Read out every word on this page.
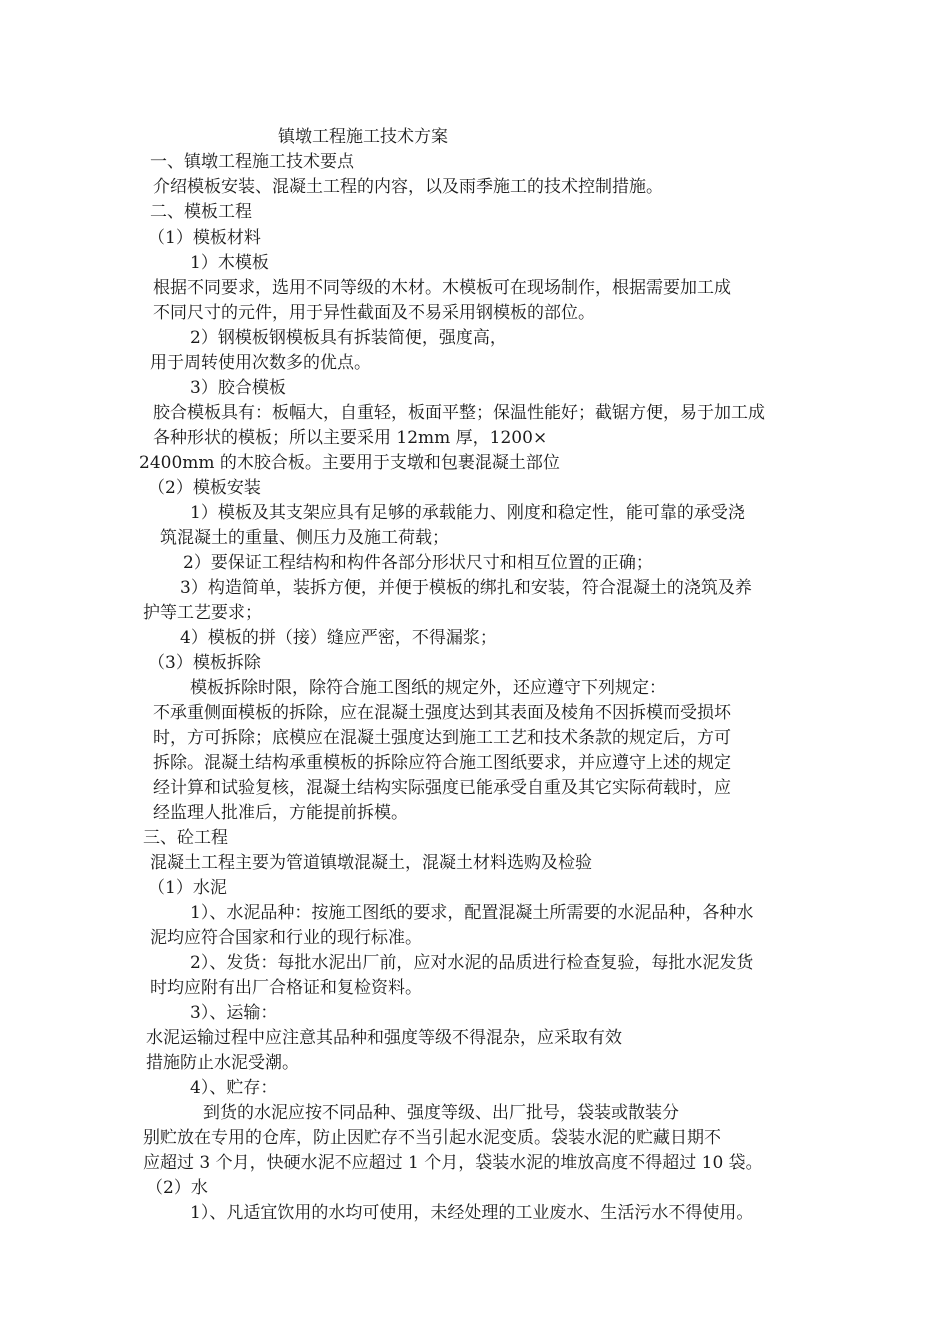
镇墩工程施工技术方案
一、镇墩工程施工技术要点
介绍模板安装、混凝土工程的内容，以及雨季施工的技术控制措施。
二、模板工程
（1）模板材料
1）木模板
根据不同要求，选用不同等级的木材。木模板可在现场制作，根据需要加工成
不同尺寸的元件，用于异性截面及不易采用钢模板的部位。
2）钢模板钢模板具有拆装简便，强度高，
用于周转使用次数多的优点。
3）胶合模板
胶合模板具有：板幅大，自重轻，板面平整；保温性能好；截锯方便，易于加工成
各种形状的模板；所以主要采用 12mm 厚，1200×
2400mm 的木胶合板。主要用于支墩和包裹混凝土部位
（2）模板安装
1）模板及其支架应具有足够的承载能力、刚度和稳定性，能可靠的承受浇
筑混凝土的重量、侧压力及施工荷载；
2）要保证工程结构和构件各部分形状尺寸和相互位置的正确；
3）构造简单，装拆方便，并便于模板的绑扎和安装，符合混凝土的浇筑及养
护等工艺要求；
4）模板的拼（接）缝应严密，不得漏浆；
（3）模板拆除
模板拆除时限，除符合施工图纸的规定外，还应遵守下列规定：
不承重侧面模板的拆除，应在混凝土强度达到其表面及棱角不因拆模而受损坏
时，方可拆除；底模应在混凝土强度达到施工工艺和技术条款的规定后，方可
拆除。混凝土结构承重模板的拆除应符合施工图纸要求，并应遵守上述的规定
经计算和试验复核，混凝土结构实际强度已能承受自重及其它实际荷载时，应
经监理人批准后，方能提前拆模。
三、砼工程
混凝土工程主要为管道镇墩混凝土，混凝土材料选购及检验
（1）水泥
1）、水泥品种：按施工图纸的要求，配置混凝土所需要的水泥品种，各种水
泥均应符合国家和行业的现行标准。
2）、发货：每批水泥出厂前，应对水泥的品质进行检查复验，每批水泥发货
时均应附有出厂合格证和复检资料。
3）、运输：
水泥运输过程中应注意其品种和强度等级不得混杂，应采取有效
措施防止水泥受潮。
4）、贮存：
到货的水泥应按不同品种、强度等级、出厂批号，袋装或散装分
别贮放在专用的仓库，防止因贮存不当引起水泥变质。袋装水泥的贮藏日期不
应超过 3 个月，快硬水泥不应超过 1 个月，袋装水泥的堆放高度不得超过 10 袋。
（2）水
1）、凡适宜饮用的水均可使用，未经处理的工业废水、生活污水不得使用。
